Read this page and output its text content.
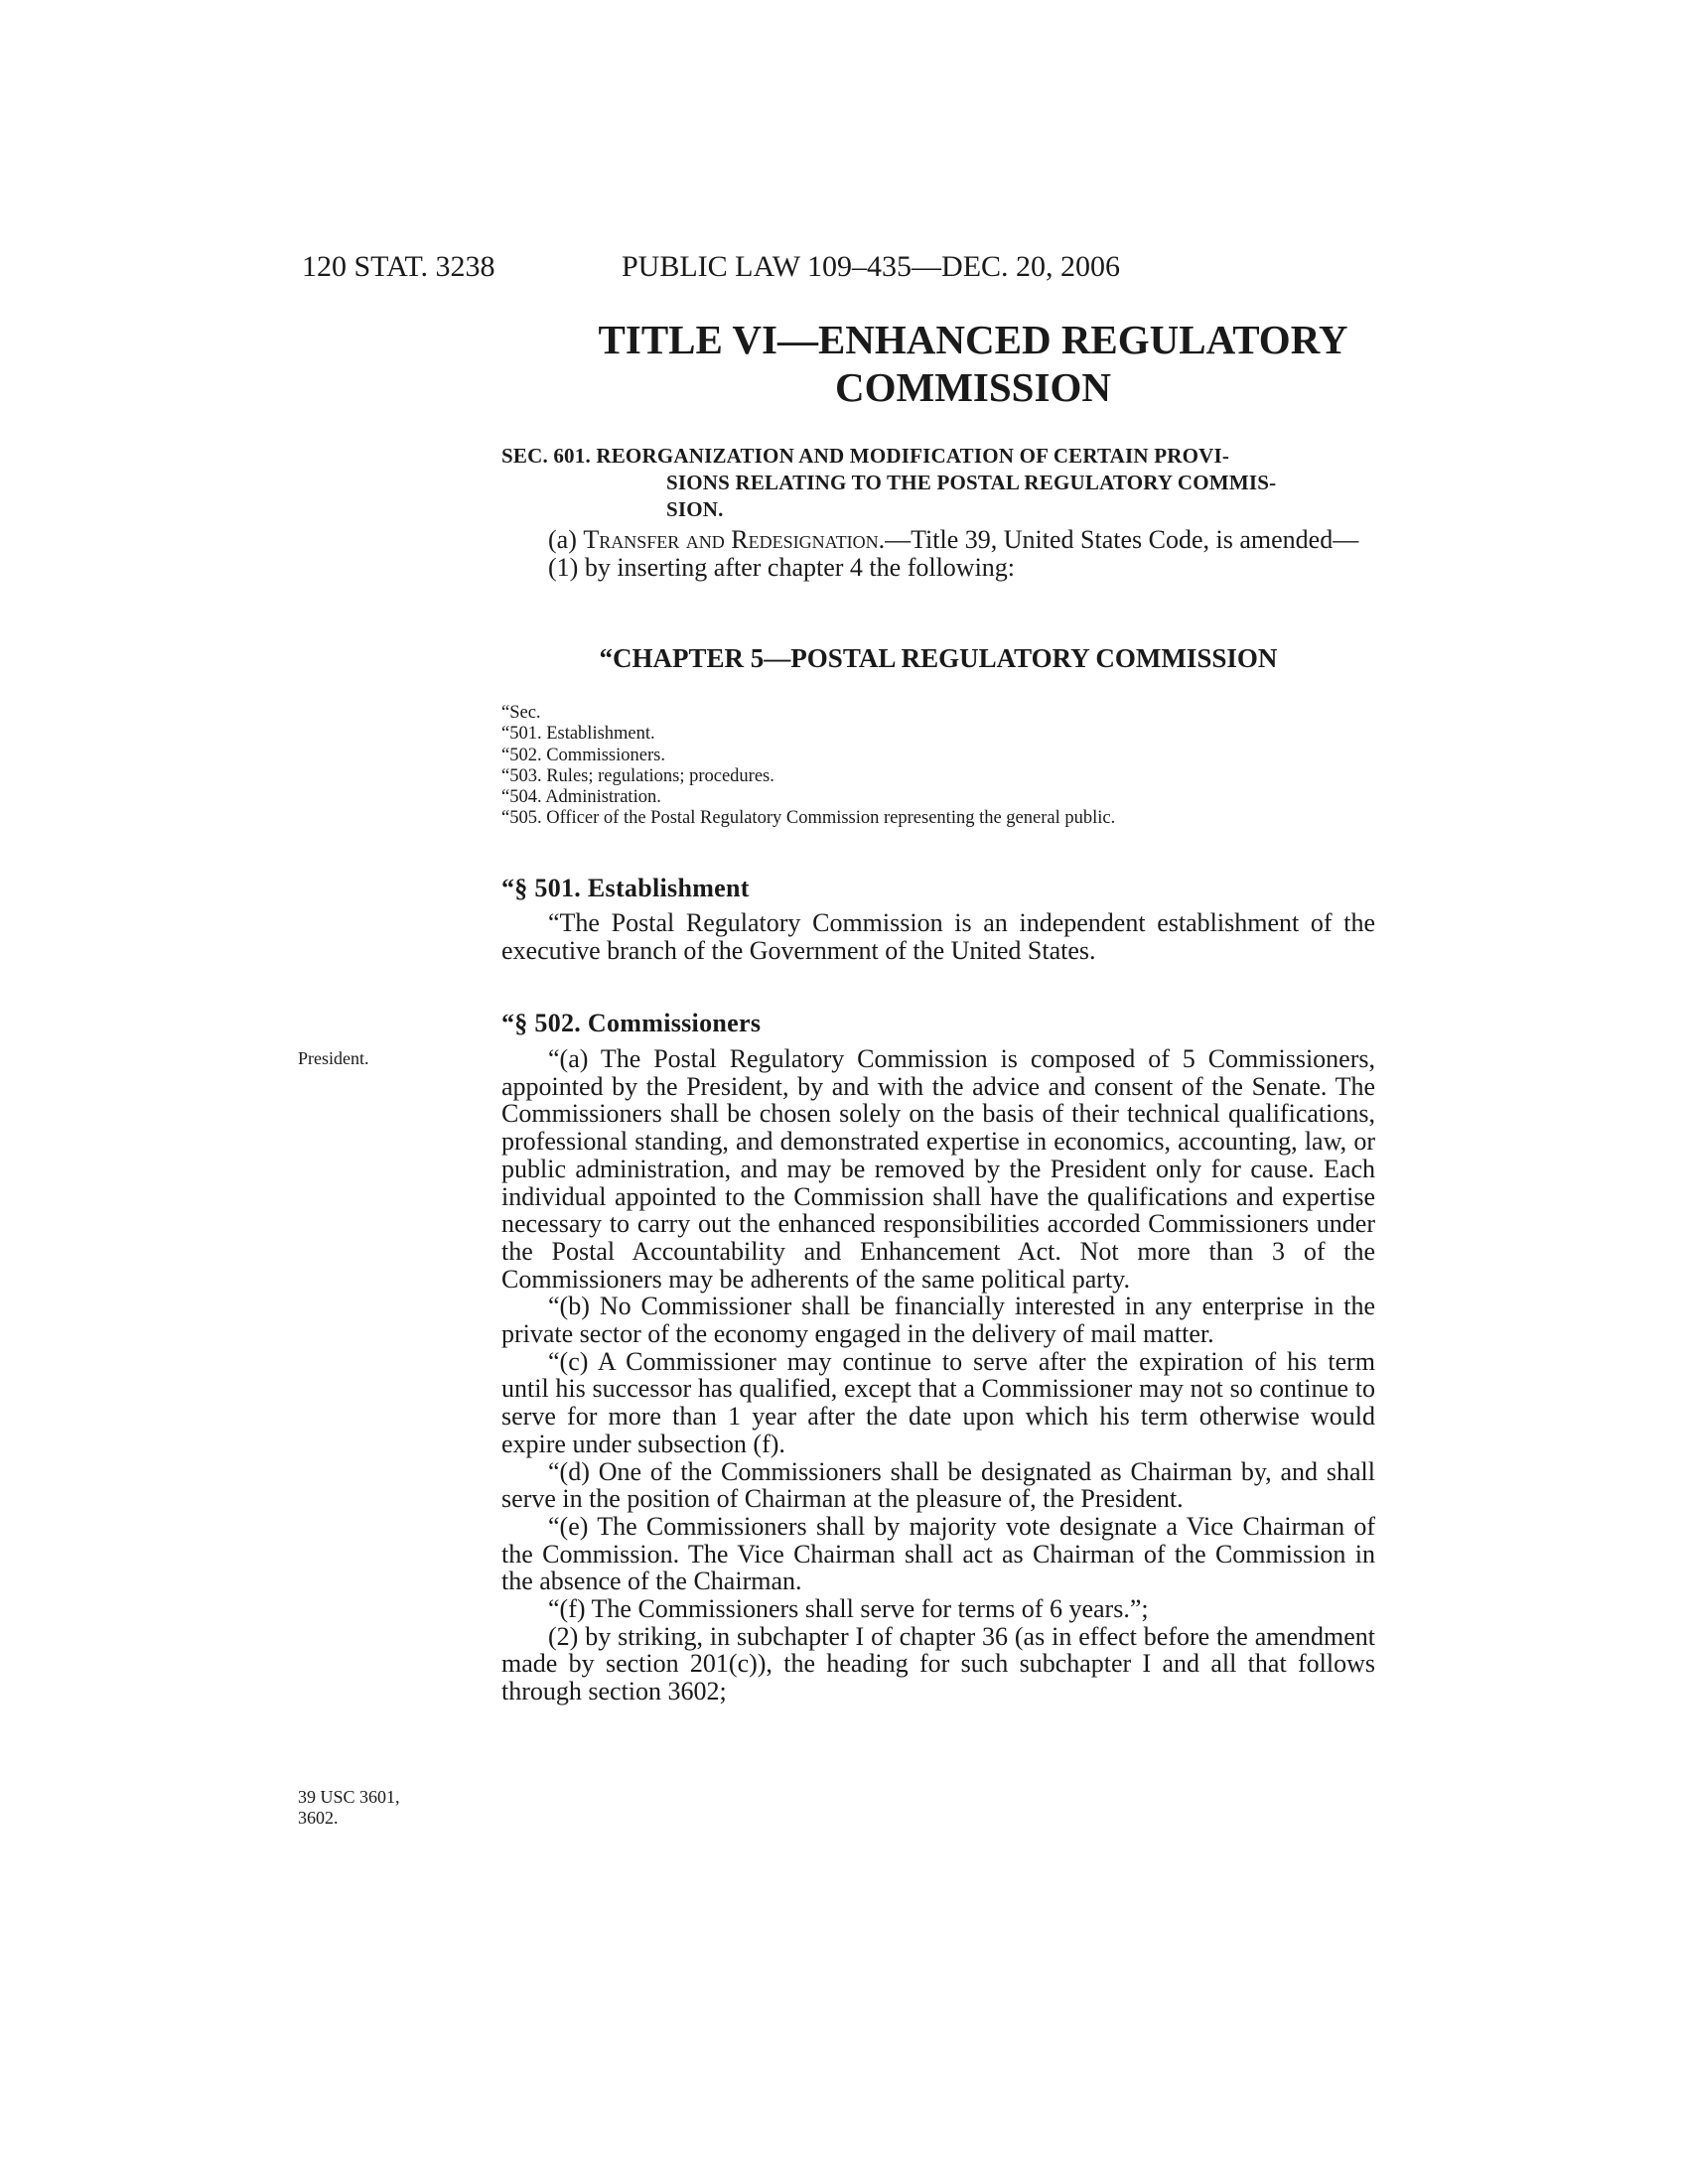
120 STAT. 3238	PUBLIC LAW 109–435—DEC. 20, 2006
TITLE VI—ENHANCED REGULATORY
COMMISSION
SEC. 601. REORGANIZATION AND MODIFICATION OF CERTAIN PROVI-
SIONS RELATING TO THE POSTAL REGULATORY COMMIS-
SION.

(a) Transfer and Redesignation.—Title 39, United States Code, is amended—

(1) by inserting after chapter 4 the following:

“CHAPTER 5—POSTAL REGULATORY COMMISSION
“Sec.
“501. Establishment.
“502. Commissioners.
“503. Rules; regulations; procedures.
“504. Administration.
“505. Officer of the Postal Regulatory Commission representing the general public.
“§ 501. Establishment

“The Postal Regulatory Commission is an independent establishment of the executive branch of the Government of the United States.

“§ 502. Commissioners

“(a) The Postal Regulatory Commission is composed of 5 Commissioners, appointed by the President, by and with the advice and consent of the Senate. The Commissioners shall be chosen solely on the basis of their technical qualifications, professional standing, and demonstrated expertise in economics, accounting, law, or public administration, and may be removed by the President only for cause. Each individual appointed to the Commission shall have the qualifications and expertise necessary to carry out the enhanced responsibilities accorded Commissioners under the Postal Accountability and Enhancement Act. Not more than 3 of the Commissioners may be adherents of the same political party.

“(b) No Commissioner shall be financially interested in any enterprise in the private sector of the economy engaged in the delivery of mail matter.

“(c) A Commissioner may continue to serve after the expiration of his term until his successor has qualified, except that a Commissioner may not so continue to serve for more than 1 year after the date upon which his term otherwise would expire under subsection (f).

“(d) One of the Commissioners shall be designated as Chairman by, and shall serve in the position of Chairman at the pleasure of, the President.

“(e) The Commissioners shall by majority vote designate a Vice Chairman of the Commission. The Vice Chairman shall act as Chairman of the Commission in the absence of the Chairman.

“(f) The Commissioners shall serve for terms of 6 years.”;

(2) by striking, in subchapter I of chapter 36 (as in effect before the amendment made by section 201(c)), the heading for such subchapter I and all that follows through section 3602;

President.
39 USC 3601,
3602.
